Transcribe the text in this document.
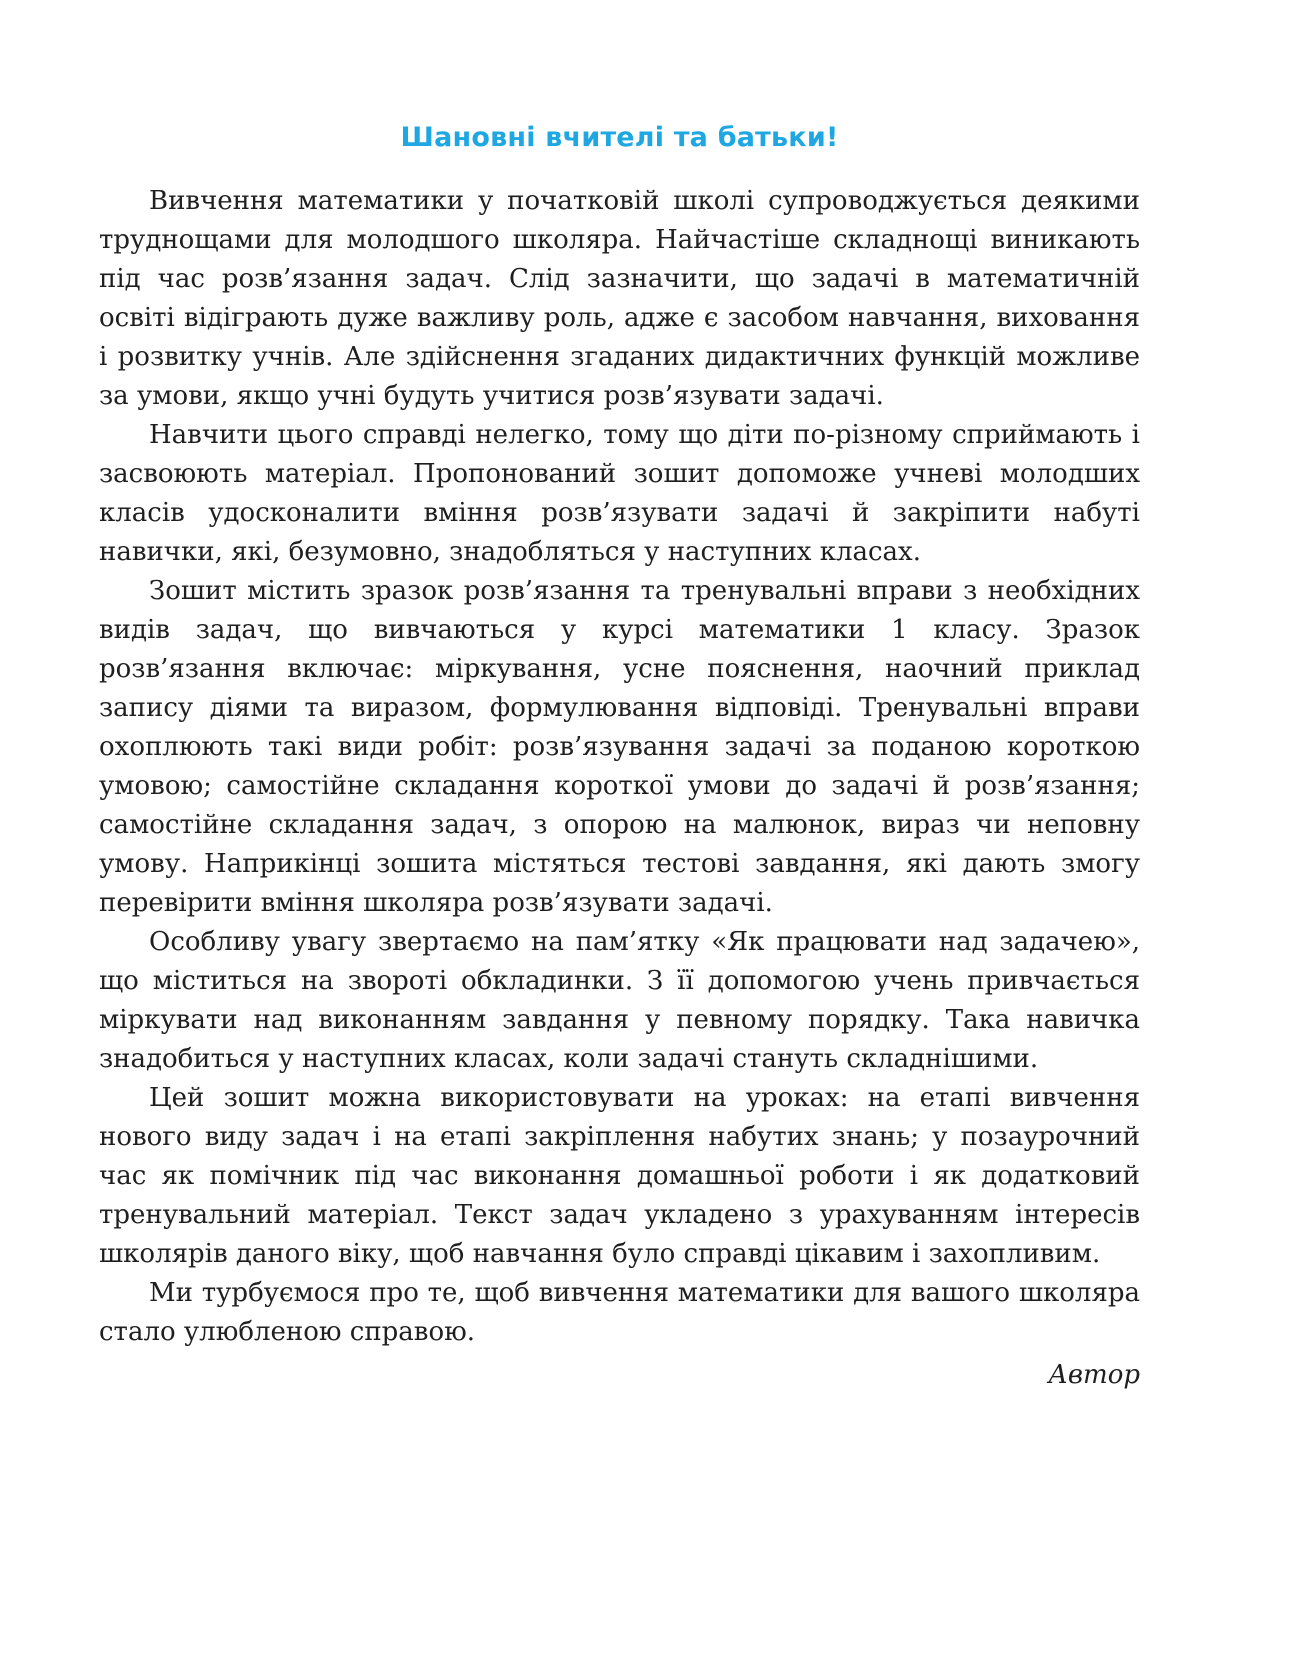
Шановні вчителі та батьки!

Вивчення математики у початковій школі супроводжується деякими труднощами для молодшого школяра. Найчастіше складнощі виникають під час розв’язання задач. Слід зазначити, що задачі в математичній освіті відіграють дуже важливу роль, адже є засобом навчання, виховання і розвитку учнів. Але здійснення згаданих дидактичних функцій можливе за умови, якщо учні будуть учитися розв’язувати задачі.

Навчити цього справді нелегко, тому що діти по-різному сприймають і засвоюють матеріал. Пропонований зошит допоможе учневі молодших класів удосконалити вміння розв’язувати задачі й закріпити набуті навички, які, безумовно, знадобляться у наступних класах.

Зошит містить зразок розв’язання та тренувальні вправи з необхідних видів задач, що вивчаються у курсі математики 1 класу. Зразок розв’язання включає: міркування, усне пояснення, наочний приклад запису діями та виразом, формулювання відповіді. Тренувальні вправи охоплюють такі види робіт: розв’язування задачі за поданою короткою умовою; самостійне складання короткої умови до задачі й розв’язання; самостійне складання задач, з опорою на малюнок, вираз чи неповну умову. Наприкінці зошита містяться тестові завдання, які дають змогу перевірити вміння школяра розв’язувати задачі.

Особливу увагу звертаємо на пам’ятку «Як працювати над задачею», що міститься на звороті обкладинки. З її допомогою учень привчається міркувати над виконанням завдання у певному порядку. Така навичка знадобиться у наступних класах, коли задачі стануть складнішими.

Цей зошит можна використовувати на уроках: на етапі вивчення нового виду задач і на етапі закріплення набутих знань; у позаурочний час як помічник під час виконання домашньої роботи і як додатковий тренувальний матеріал. Текст задач укладено з урахуванням інтересів школярів даного віку, щоб навчання було справді цікавим і захопливим.

Ми турбуємося про те, щоб вивчення математики для вашого школяра стало улюбленою справою.

Автор
